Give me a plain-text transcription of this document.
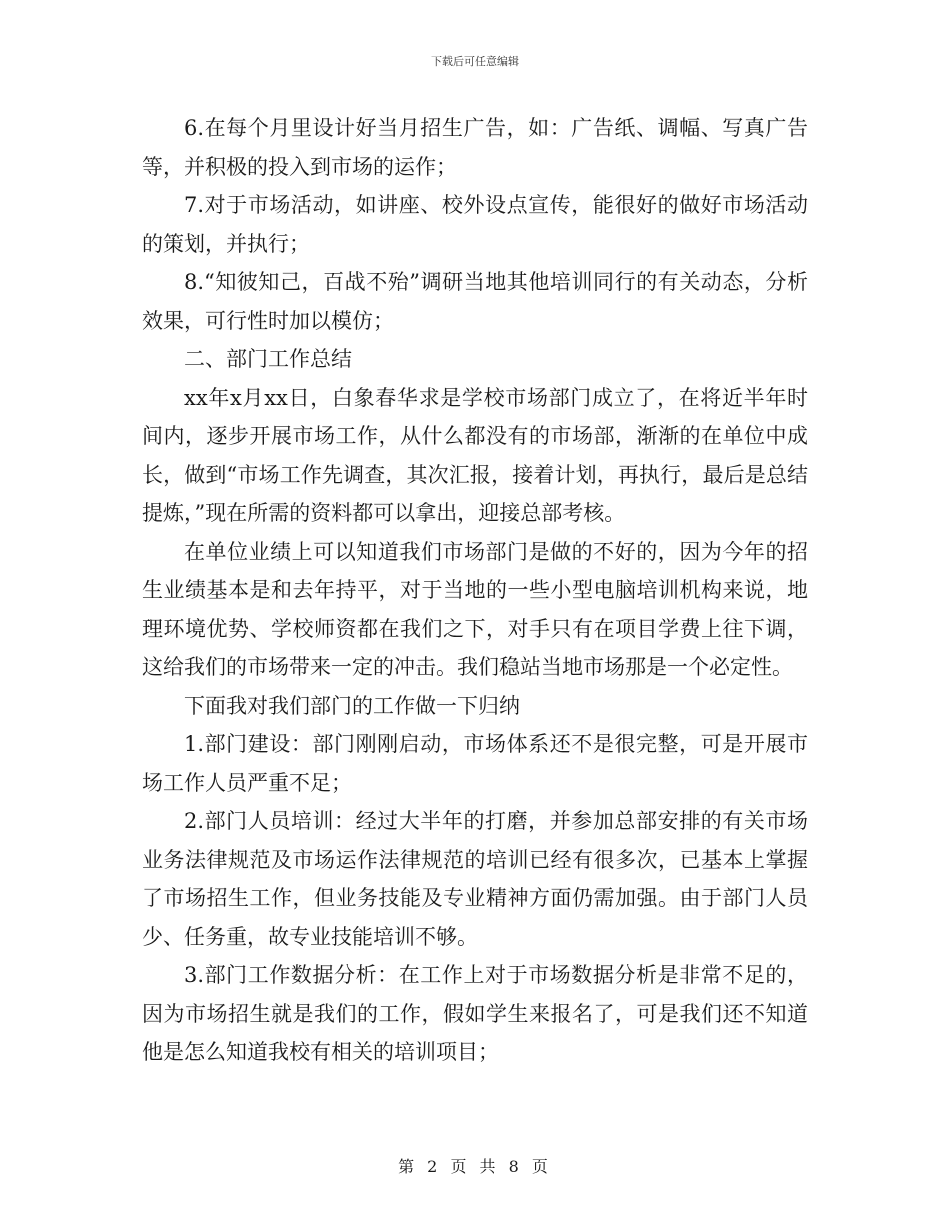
下载后可任意编辑

6.在每个月里设计好当月招生广告，如：广告纸、调幅、写真广告等，并积极的投入到市场的运作；

7.对于市场活动，如讲座、校外设点宣传，能很好的做好市场活动的策划，并执行；

8.“知彼知己，百战不殆”调研当地其他培训同行的有关动态，分析效果，可行性时加以模仿；

二、部门工作总结

xx年x月xx日，白象春华求是学校市场部门成立了，在将近半年时间内，逐步开展市场工作，从什么都没有的市场部，渐渐的在单位中成长，做到“市场工作先调查，其次汇报，接着计划，再执行，最后是总结提炼，”现在所需的资料都可以拿出，迎接总部考核。

在单位业绩上可以知道我们市场部门是做的不好的，因为今年的招生业绩基本是和去年持平，对于当地的一些小型电脑培训机构来说，地理环境优势、学校师资都在我们之下，对手只有在项目学费上往下调，这给我们的市场带来一定的冲击。我们稳站当地市场那是一个必定性。

下面我对我们部门的工作做一下归纳

1.部门建设：部门刚刚启动，市场体系还不是很完整，可是开展市场工作人员严重不足；

2.部门人员培训：经过大半年的打磨，并参加总部安排的有关市场业务法律规范及市场运作法律规范的培训已经有很多次，已基本上掌握了市场招生工作，但业务技能及专业精神方面仍需加强。由于部门人员少、任务重，故专业技能培训不够。

3.部门工作数据分析：在工作上对于市场数据分析是非常不足的，因为市场招生就是我们的工作，假如学生来报名了，可是我们还不知道他是怎么知道我校有相关的培训项目；

第 2 页 共 8 页
